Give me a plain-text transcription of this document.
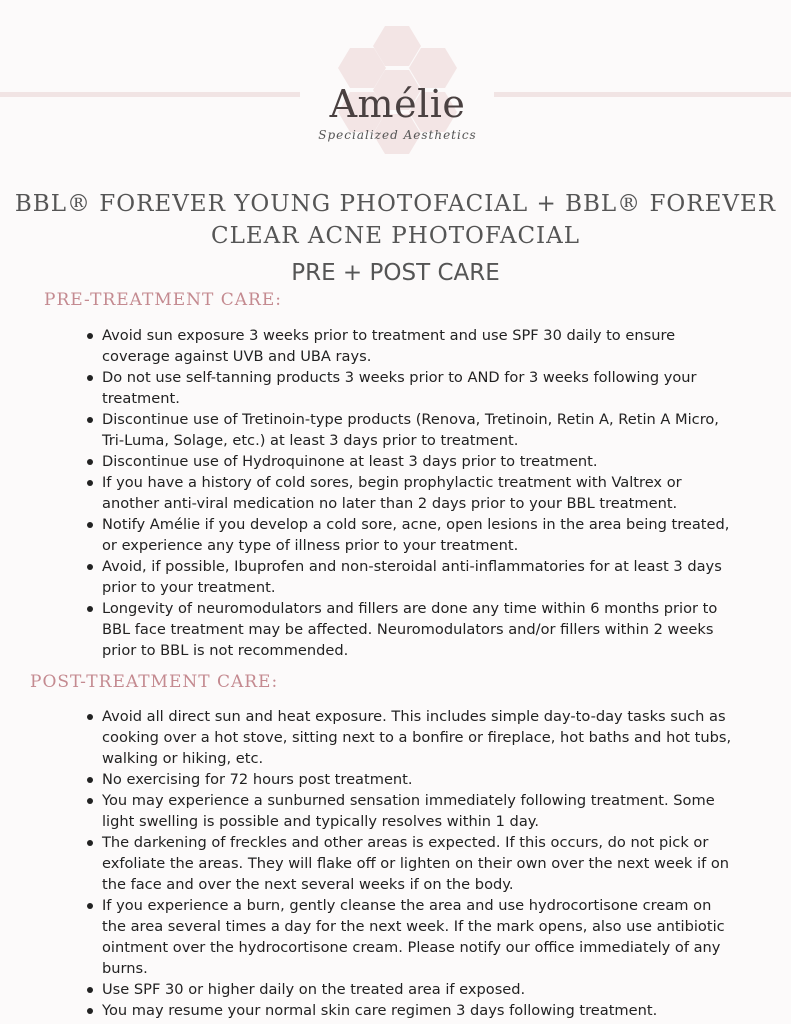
Amélie
Specialized Aesthetics
BBL® FOREVER YOUNG PHOTOFACIAL + BBL® FOREVER CLEAR ACNE PHOTOFACIAL
PRE + POST CARE
PRE-TREATMENT CARE:
Avoid sun exposure 3 weeks prior to treatment and use SPF 30 daily to ensure coverage against UVB and UBA rays.
Do not use self-tanning products 3 weeks prior to AND for 3 weeks following your treatment.
Discontinue use of Tretinoin-type products (Renova, Tretinoin, Retin A, Retin A Micro, Tri-Luma, Solage, etc.) at least 3 days prior to treatment.
Discontinue use of Hydroquinone at least 3 days prior to treatment.
If you have a history of cold sores, begin prophylactic treatment with Valtrex or another anti-viral medication no later than 2 days prior to your BBL treatment.
Notify Amélie if you develop a cold sore, acne, open lesions in the area being treated, or experience any type of illness prior to your treatment.
Avoid, if possible, Ibuprofen and non-steroidal anti-inflammatories for at least 3 days prior to your treatment.
Longevity of neuromodulators and fillers are done any time within 6 months prior to BBL face treatment may be affected. Neuromodulators and/or fillers within 2 weeks prior to BBL is not recommended.
POST-TREATMENT CARE:
Avoid all direct sun and heat exposure. This includes simple day-to-day tasks such as cooking over a hot stove, sitting next to a bonfire or fireplace, hot baths and hot tubs, walking or hiking, etc.
No exercising for 72 hours post treatment.
You may experience a sunburned sensation immediately following treatment. Some light swelling is possible and typically resolves within 1 day.
The darkening of freckles and other areas is expected. If this occurs, do not pick or exfoliate the areas. They will flake off or lighten on their own over the next week if on the face and over the next several weeks if on the body.
If you experience a burn, gently cleanse the area and use hydrocortisone cream on the area several times a day for the next week. If the mark opens, also use antibiotic ointment over the hydrocortisone cream. Please notify our office immediately of any burns.
Use SPF 30 or higher daily on the treated area if exposed.
You may resume your normal skin care regimen 3 days following treatment.
